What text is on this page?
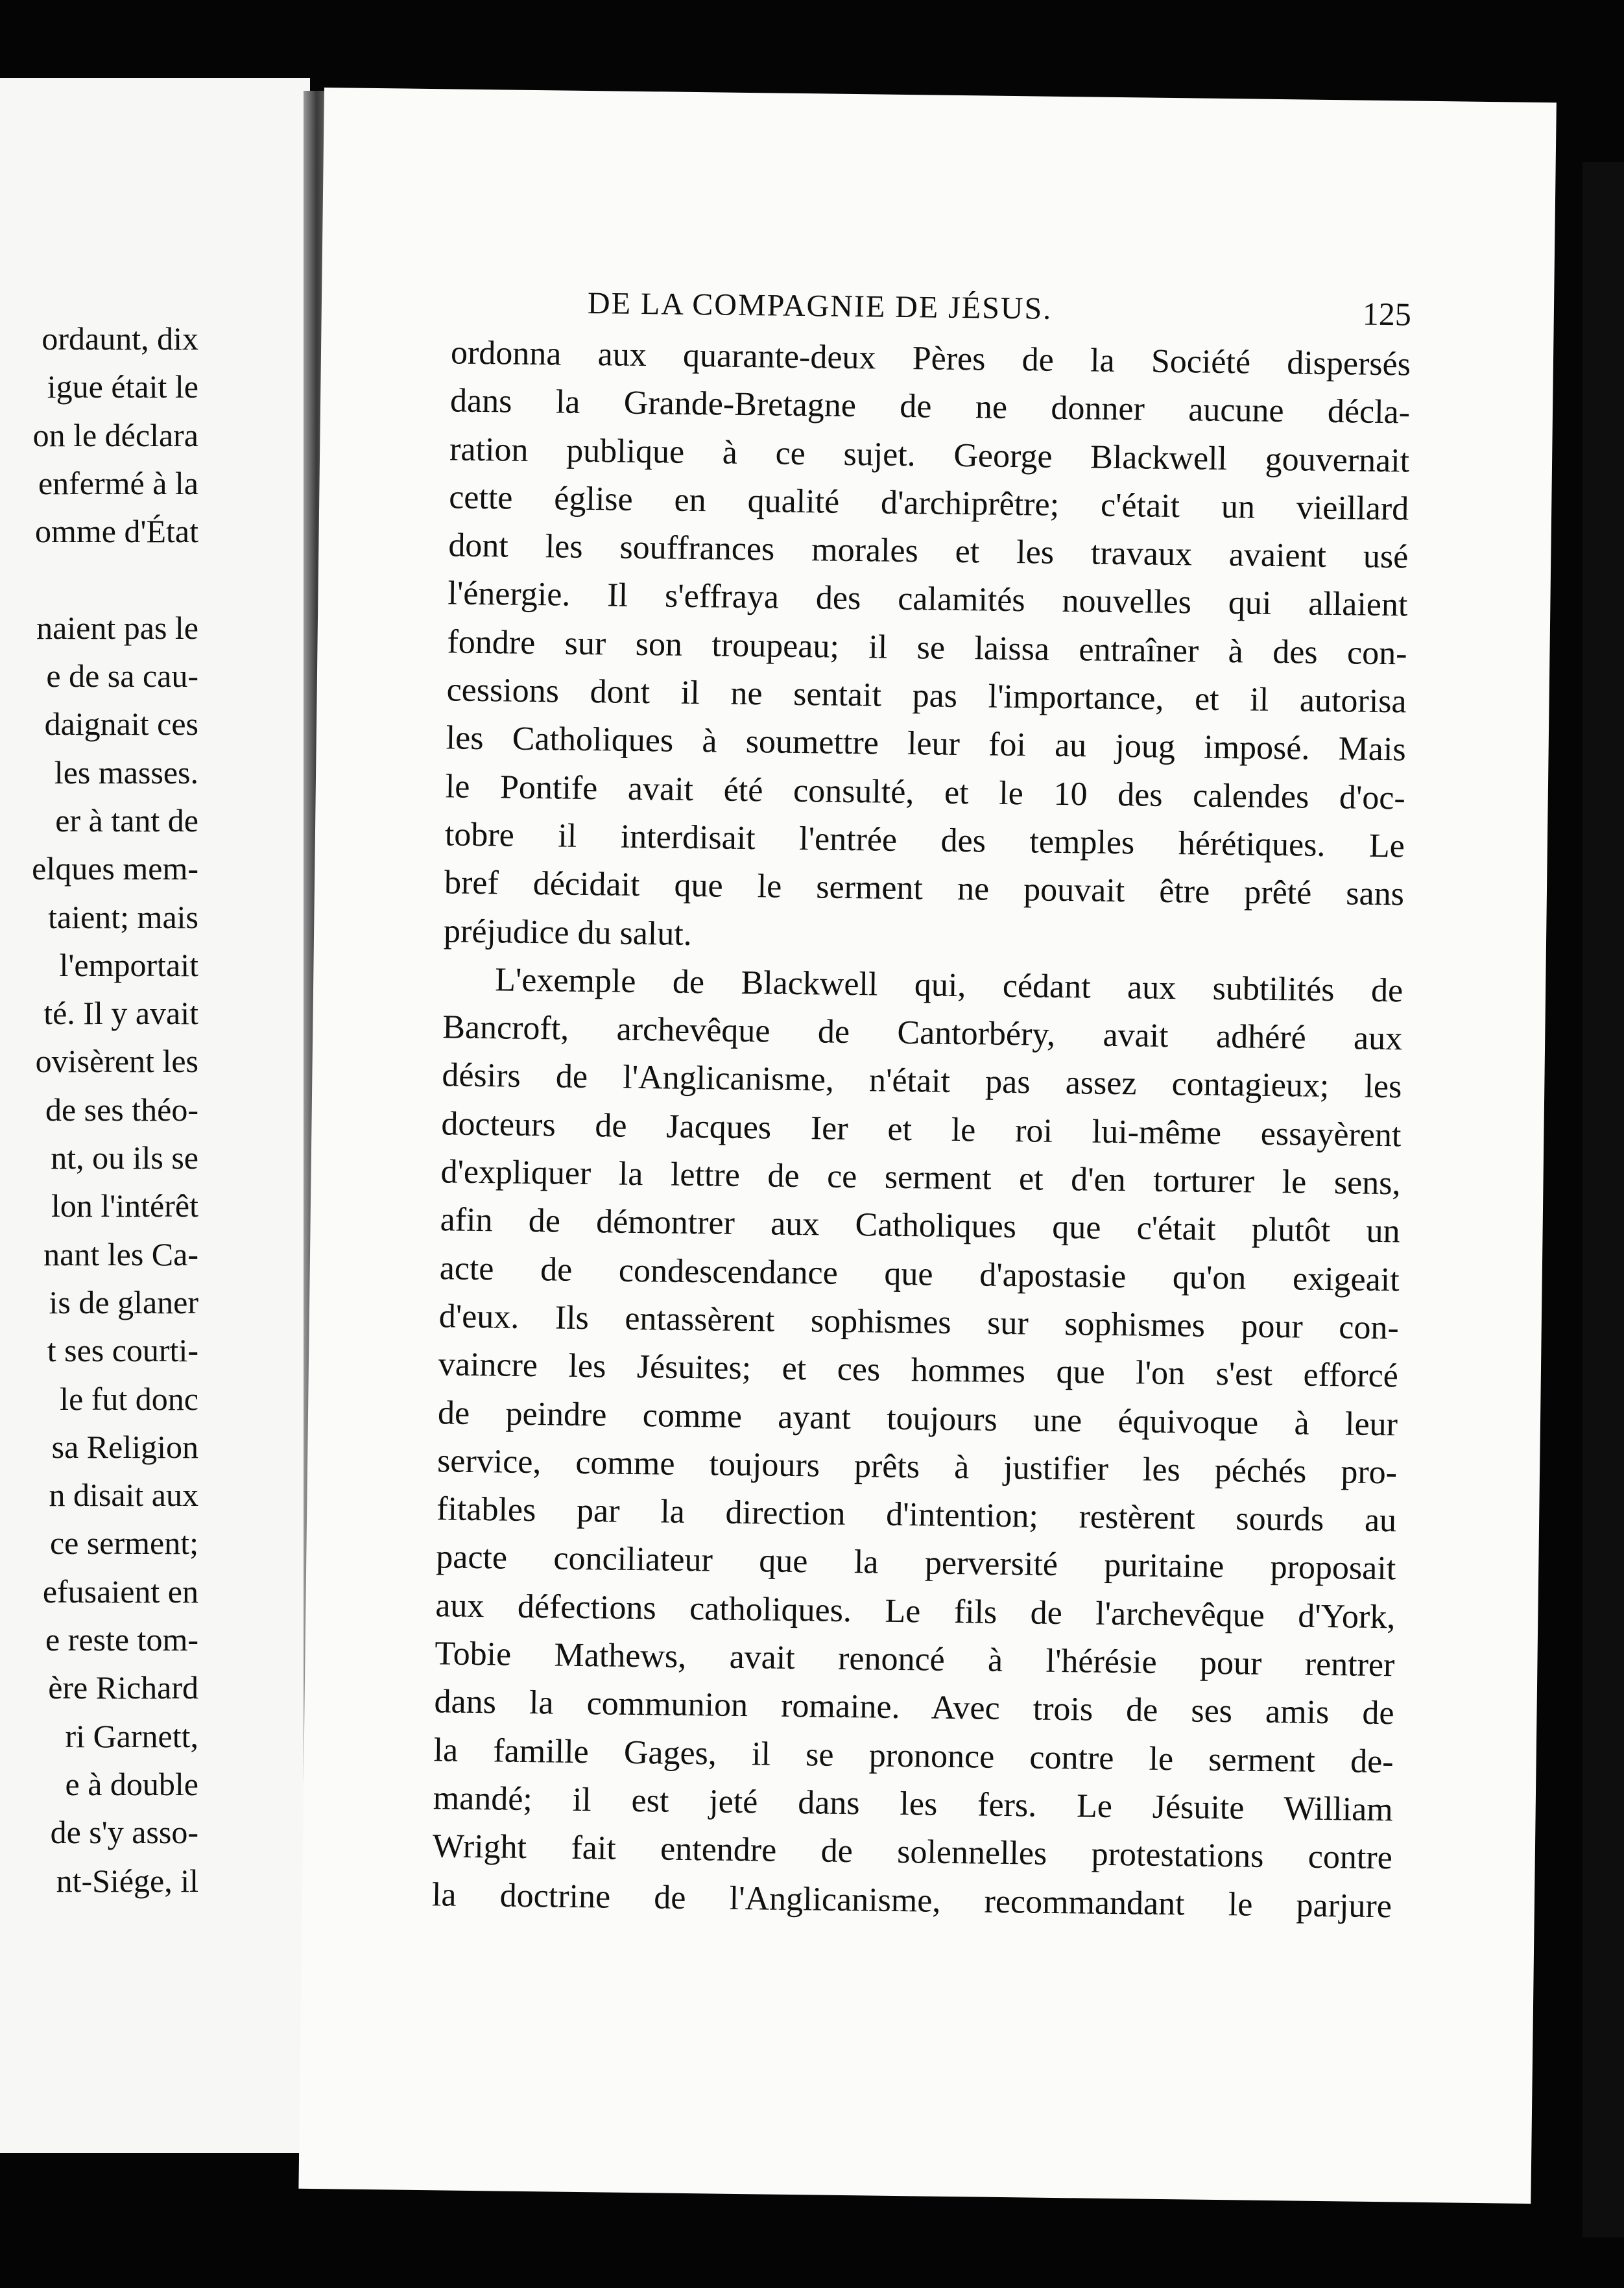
ordaunt, dix
igue était le
on le déclara
enfermé à la
omme d'État
naient pas le
e de sa cau-
daignait ces
les masses.
er à tant de
elques mem-
taient; mais
l'emportait
té. Il y avait
ovisèrent les
de ses théo-
nt, ou ils se
lon l'intérêt
nant les Ca-
is de glaner
t ses courti-
le fut donc
sa Religion
n disait aux
ce serment;
efusaient en
e reste tom-
ère Richard
ri Garnett,
e à double
de s'y asso-
nt-Siége, il
DE LA COMPAGNIE DE JÉSUS.	125
ordonna aux quarante-deux Pères de la Société dispersés
dans la Grande-Bretagne de ne donner aucune décla-
ration publique à ce sujet. George Blackwell gouvernait
cette église en qualité d'archiprêtre; c'était un vieillard
dont les souffrances morales et les travaux avaient usé
l'énergie. Il s'effraya des calamités nouvelles qui allaient
fondre sur son troupeau; il se laissa entraîner à des con-
cessions dont il ne sentait pas l'importance, et il autorisa
les Catholiques à soumettre leur foi au joug imposé. Mais
le Pontife avait été consulté, et le 10 des calendes d'oc-
tobre il interdisait l'entrée des temples hérétiques. Le
bref décidait que le serment ne pouvait être prêté sans
préjudice du salut.
L'exemple de Blackwell qui, cédant aux subtilités de
Bancroft, archevêque de Cantorbéry, avait adhéré aux
désirs de l'Anglicanisme, n'était pas assez contagieux; les
docteurs de Jacques Ier et le roi lui-même essayèrent
d'expliquer la lettre de ce serment et d'en torturer le sens,
afin de démontrer aux Catholiques que c'était plutôt un
acte de condescendance que d'apostasie qu'on exigeait
d'eux. Ils entassèrent sophismes sur sophismes pour con-
vaincre les Jésuites; et ces hommes que l'on s'est efforcé
de peindre comme ayant toujours une équivoque à leur
service, comme toujours prêts à justifier les péchés pro-
fitables par la direction d'intention; restèrent sourds au
pacte conciliateur que la perversité puritaine proposait
aux défections catholiques. Le fils de l'archevêque d'York,
Tobie Mathews, avait renoncé à l'hérésie pour rentrer
dans la communion romaine. Avec trois de ses amis de
la famille Gages, il se prononce contre le serment de-
mandé; il est jeté dans les fers. Le Jésuite William
Wright fait entendre de solennelles protestations contre
la doctrine de l'Anglicanisme, recommandant le parjure
